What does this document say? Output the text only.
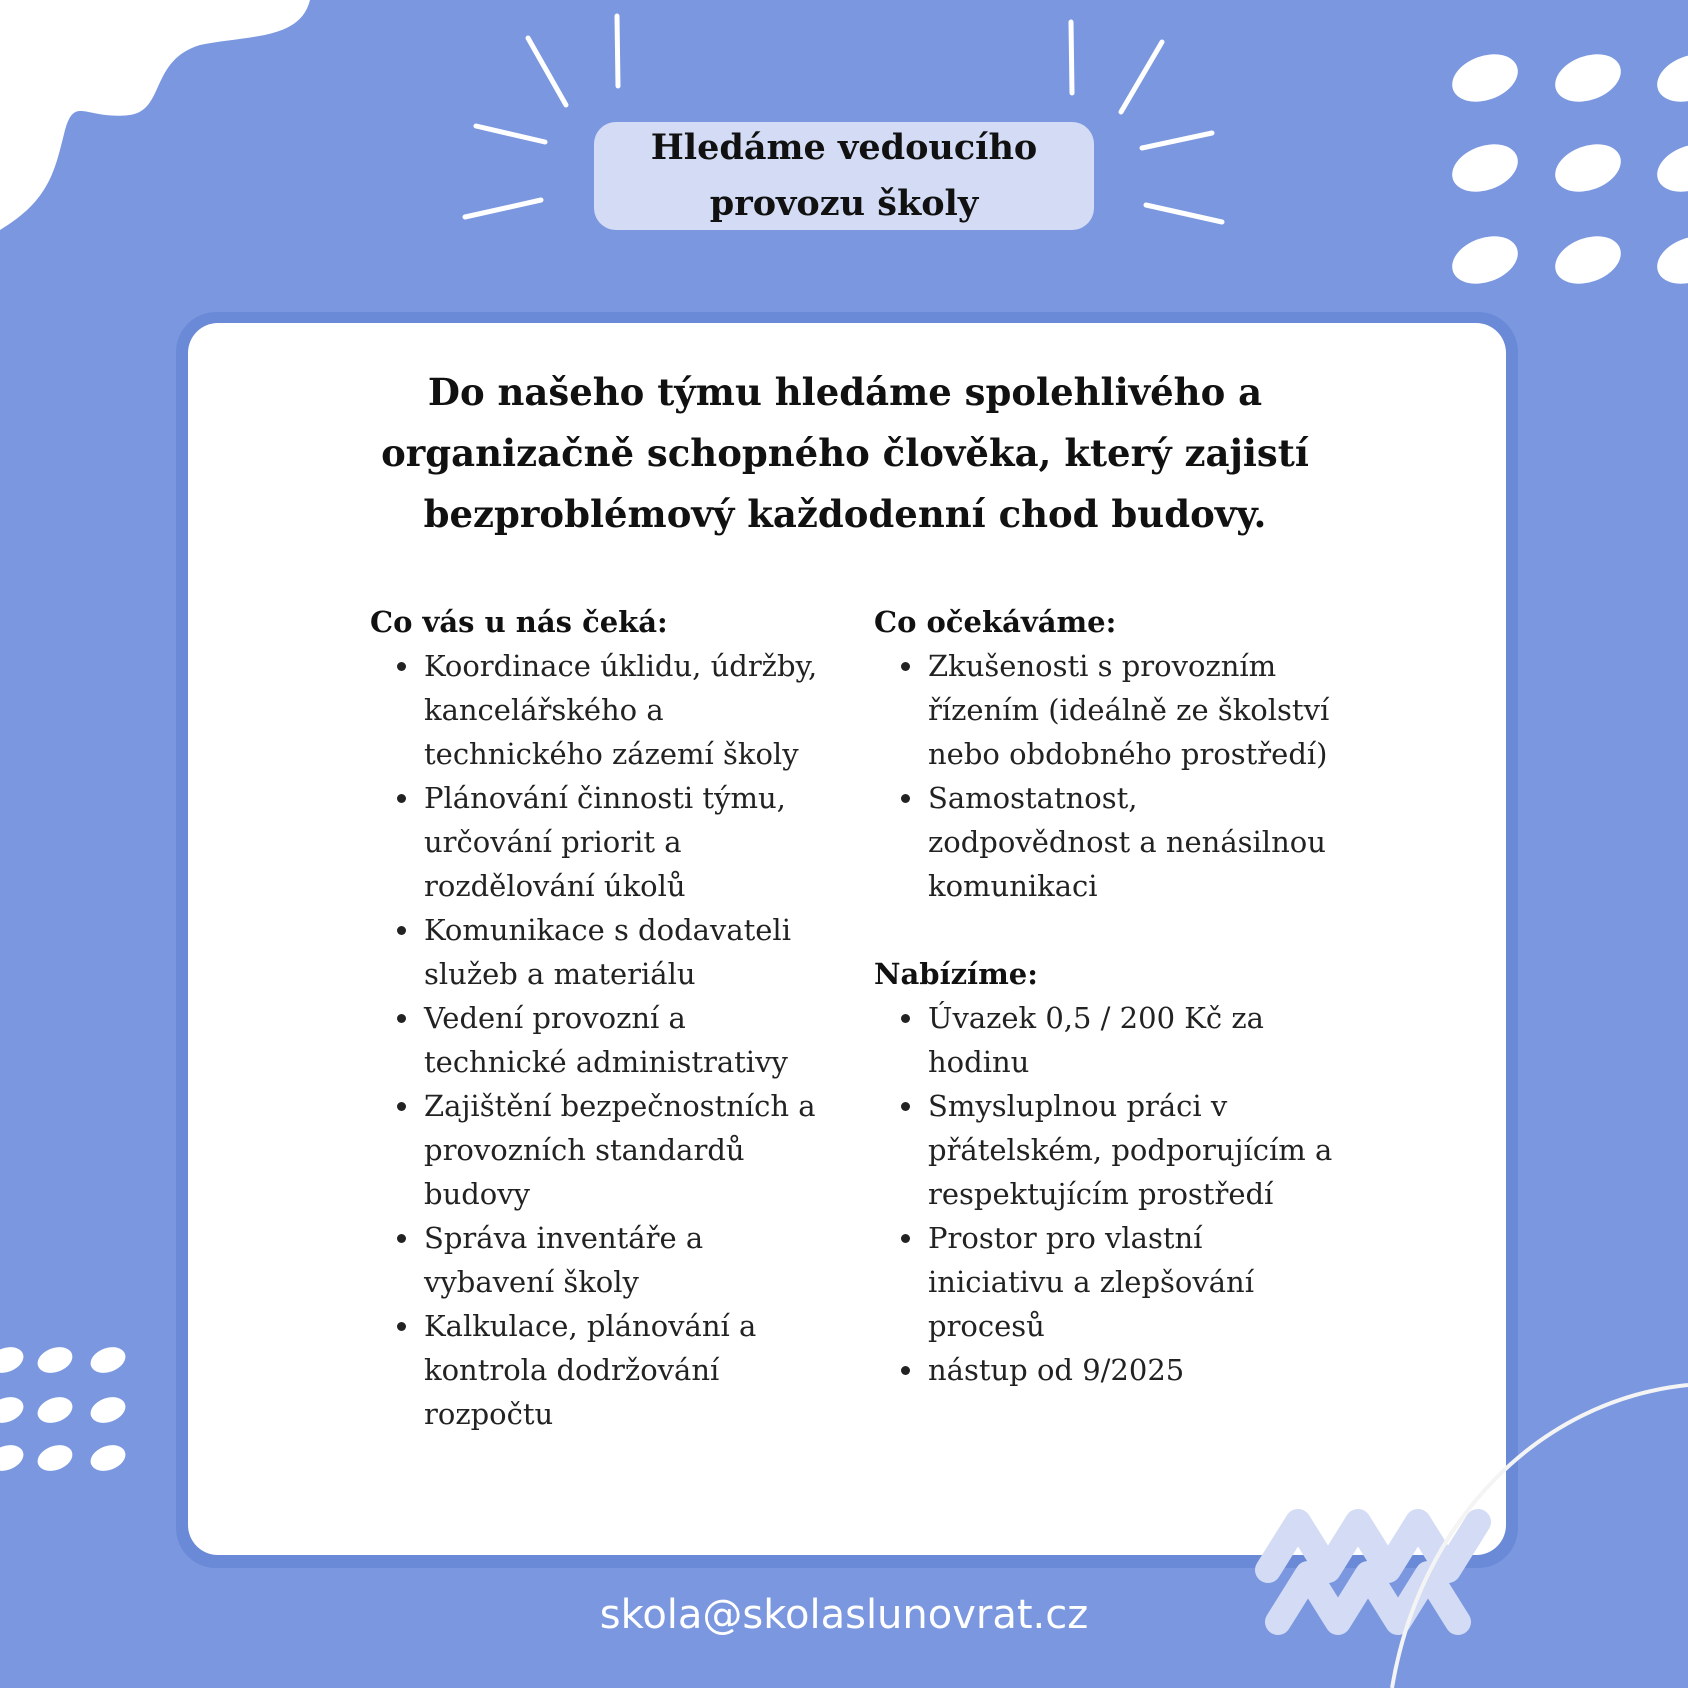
Hledáme vedoucího provozu školy
Do našeho týmu hledáme spolehlivého a organizačně schopného člověka, který zajistí bezproblémový každodenní chod budovy.

Co vás u nás čeká:

• Koordinace úklidu, údržby, kancelářského a technického zázemí školy
• Plánování činnosti týmu, určování priorit a rozdělování úkolů
• Komunikace s dodavateli služeb a materiálu
• Vedení provozní a technické administrativy
• Zajištění bezpečnostních a provozních standardů budovy
• Správa inventáře a vybavení školy
• Kalkulace, plánování a kontrola dodržování rozpočtu

Co očekáváme:

• Zkušenosti s provozním řízením (ideálně ze školství nebo obdobného prostředí)
• Samostatnost, zodpovědnost a nenásilnou komunikaci

Nabízíme:

• Úvazek 0,5 / 200 Kč za hodinu
• Smysluplnou práci v přátelském, podporujícím a respektujícím prostředí
• Prostor pro vlastní iniciativu a zlepšování procesů
• nástup od 9/2025
skola@skolaslunovrat.cz
